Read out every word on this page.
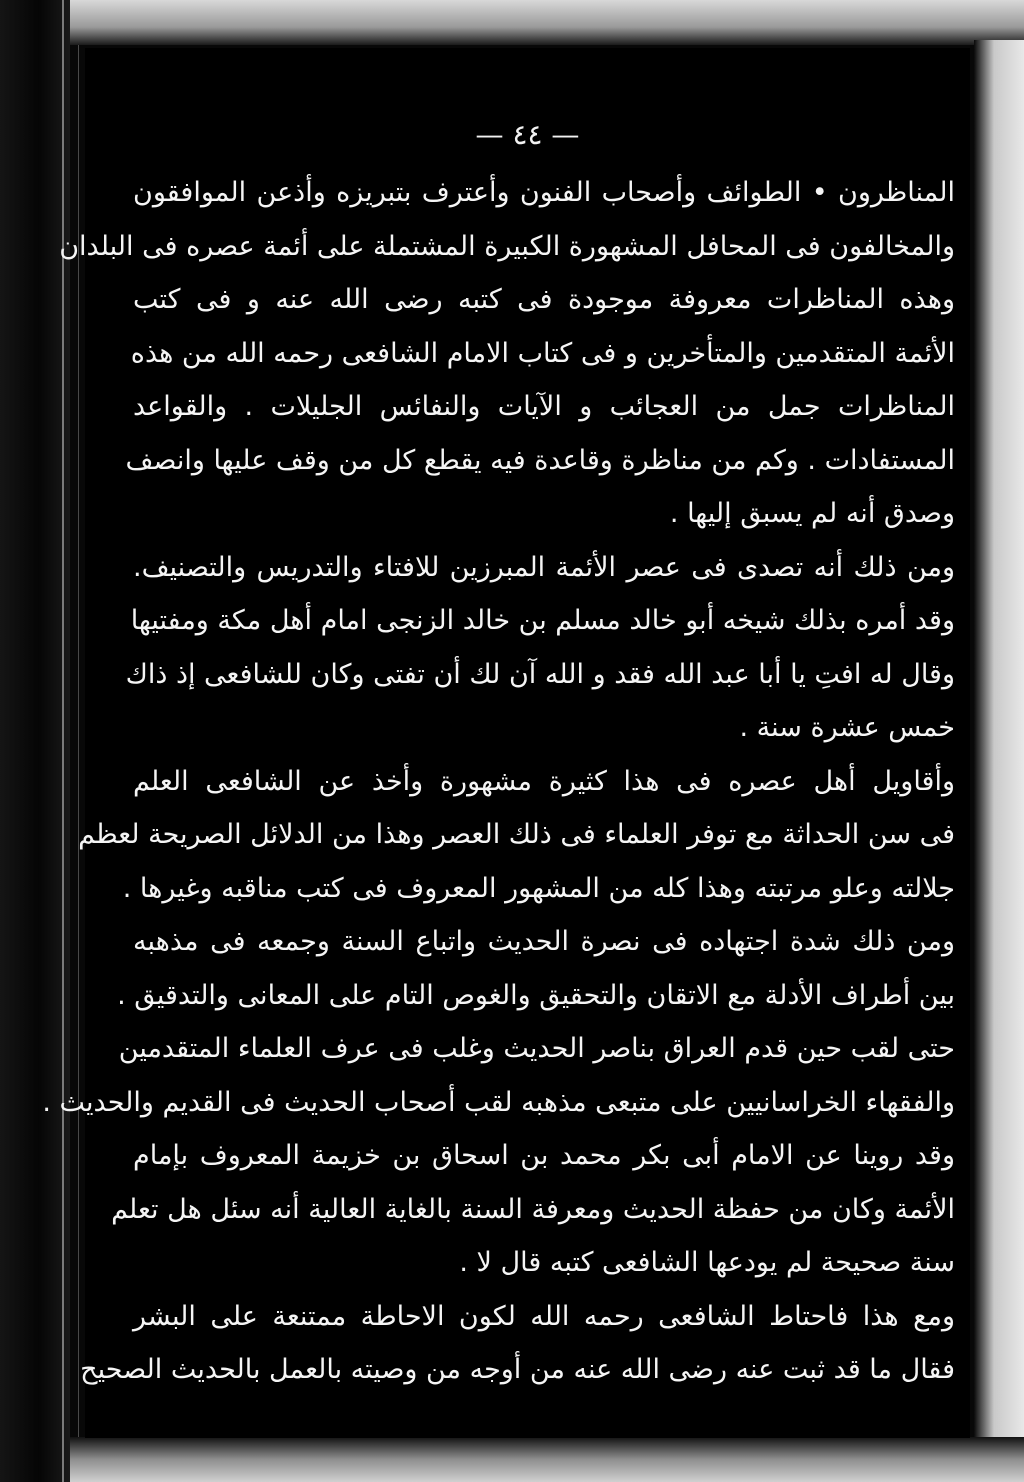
— ٤٤ —
المناظرون • الطوائف وأصحاب الفنون وأعترف بتبريزه وأذعن الموافقون
والمخالفون فى المحافل المشهورة الكبيرة المشتملة على أئمة عصره فى البلدان
وهذه المناظرات معروفة موجودة فى كتبه رضى الله عنه و فى كتب
الأئمة المتقدمين والمتأخرين و فى كتاب الامام الشافعى رحمه الله من هذه
المناظرات جمل من العجائب و الآيات والنفائس الجليلات . والقواعد
المستفادات . وكم من مناظرة وقاعدة فيه يقطع كل من وقف عليها وانصف
وصدق أنه لم يسبق إليها .
ومن ذلك أنه تصدى فى عصر الأئمة المبرزين للافتاء والتدريس والتصنيف.
وقد أمره بذلك شيخه أبو خالد مسلم بن خالد الزنجى امام أهل مكة ومفتيها
وقال له افتِ يا أبا عبد الله فقد و الله آن لك أن تفتى وكان للشافعى إذ ذاك
خمس عشرة سنة .
وأقاويل أهل عصره فى هذا كثيرة مشهورة وأخذ عن الشافعى العلم
فى سن الحداثة مع توفر العلماء فى ذلك العصر وهذا من الدلائل الصريحة لعظم
جلالته وعلو مرتبته وهذا كله من المشهور المعروف فى كتب مناقبه وغيرها .
ومن ذلك شدة اجتهاده فى نصرة الحديث واتباع السنة وجمعه فى مذهبه
بين أطراف الأدلة مع الاتقان والتحقيق والغوص التام على المعانى والتدقيق .
حتى لقب حين قدم العراق بناصر الحديث وغلب فى عرف العلماء المتقدمين
والفقهاء الخراسانيين على متبعى مذهبه لقب أصحاب الحديث فى القديم والحديث .
وقد روينا عن الامام أبى بكر محمد بن اسحاق بن خزيمة المعروف بإمام
الأئمة وكان من حفظة الحديث ومعرفة السنة بالغاية العالية أنه سئل هل تعلم
سنة صحيحة لم يودعها الشافعى كتبه قال لا .
ومع هذا فاحتاط الشافعى رحمه الله لكون الاحاطة ممتنعة على البشر
فقال ما قد ثبت عنه رضى الله عنه من أوجه من وصيته بالعمل بالحديث الصحيح
